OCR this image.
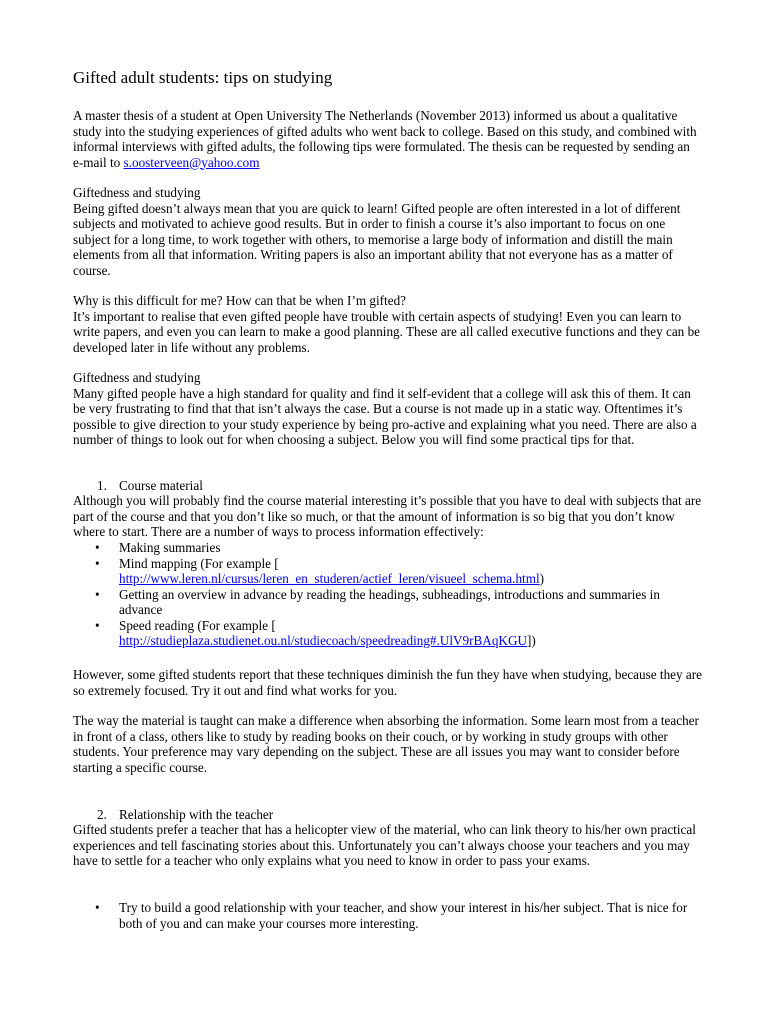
Gifted adult students: tips on studying

A master thesis of a student at Open University The Netherlands (November 2013) informed us about a qualitative study into the studying experiences of gifted adults who went back to college. Based on this study, and combined with informal interviews with gifted adults, the following tips were formulated. The thesis can be requested by sending an e-mail to s.oosterveen@yahoo.com

Giftedness and studying
Being gifted doesn’t always mean that you are quick to learn! Gifted people are often interested in a lot of different subjects and motivated to achieve good results. But in order to finish a course it’s also important to focus on one subject for a long time, to work together with others, to memorise a large body of information and distill the main elements from all that information. Writing papers is also an important ability that not everyone has as a matter of course.
Why is this difficult for me? How can that be when I’m gifted?
It’s important to realise that even gifted people have trouble with certain aspects of studying! Even you can learn to write papers, and even you can learn to make a good planning. These are all called executive functions and they can be developed later in life without any problems.
Giftedness and studying
Many gifted people have a high standard for quality and find it self-evident that a college will ask this of them. It can be very frustrating to find that that isn’t always the case. But a course is not made up in a static way. Oftentimes it’s possible to give direction to your study experience by being pro-active and explaining what you need. There are also a number of things to look out for when choosing a subject. Below you will find some practical tips for that.
1. Course material
Although you will probably find the course material interesting it’s possible that you have to deal with subjects that are part of the course and that you don’t like so much, or that the amount of information is so big that you don’t know where to start. There are a number of ways to process information effectively:
• Making summaries
• Mind mapping (For example [
http://www.leren.nl/cursus/leren_en_studeren/actief_leren/visueel_schema.html)
• Getting an overview in advance by reading the headings, subheadings, introductions and summaries in advance
• Speed reading (For example [
http://studieplaza.studienet.ou.nl/studiecoach/speedreading#.UlV9rBAqKGU])

However, some gifted students report that these techniques diminish the fun they have when studying, because they are so extremely focused. Try it out and find what works for you.

The way the material is taught can make a difference when absorbing the information. Some learn most from a teacher in front of a class, others like to study by reading books on their couch, or by working in study groups with other students. Your preference may vary depending on the subject. These are all issues you may want to consider before starting a specific course.

2. Relationship with the teacher

Gifted students prefer a teacher that has a helicopter view of the material, who can link theory to his/her own practical experiences and tell fascinating stories about this. Unfortunately you can’t always choose your teachers and you may have to settle for a teacher who only explains what you need to know in order to pass your exams.

• Try to build a good relationship with your teacher, and show your interest in his/her subject. That is nice for both of you and can make your courses more interesting.
